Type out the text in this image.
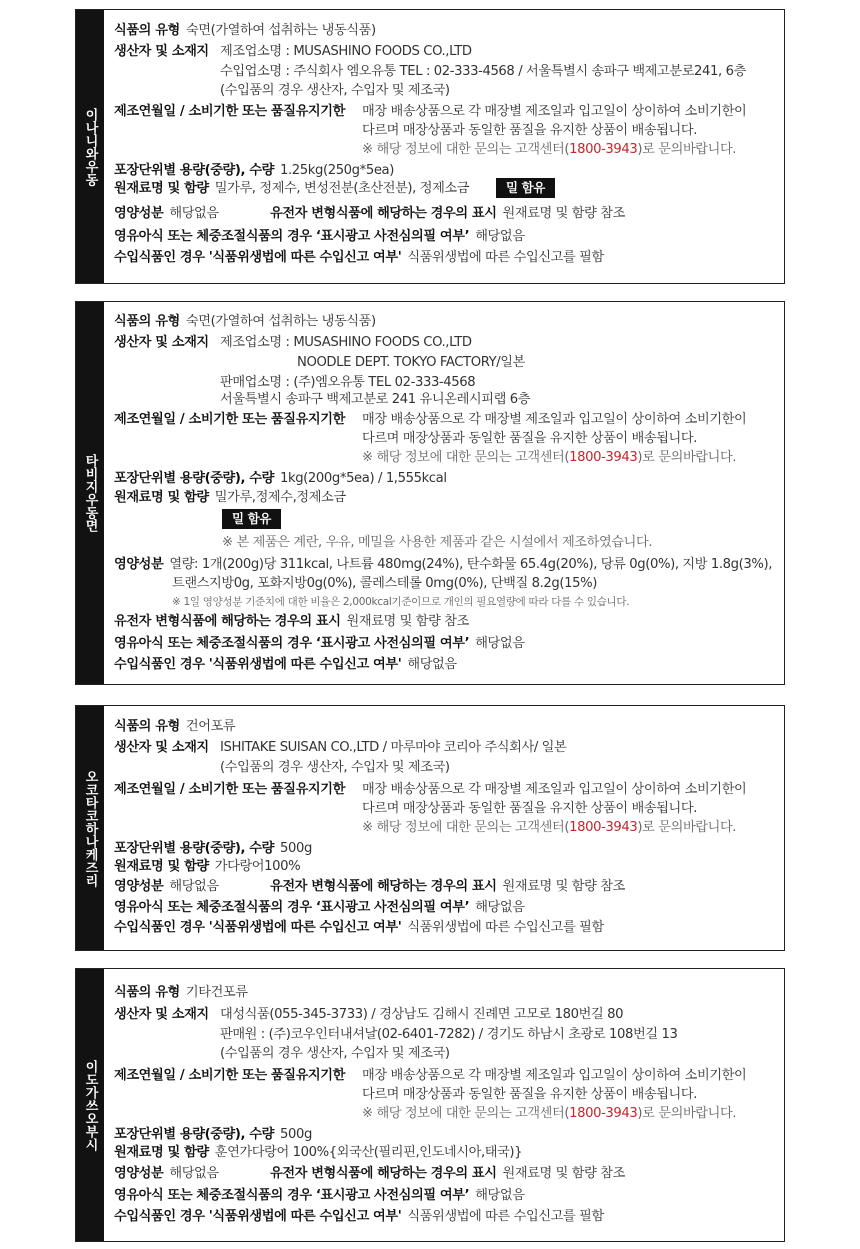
이나니와우동
식품의 유형 숙면(가열하여 섭취하는 냉동식품)
생산자 및 소재지 제조업소명 : MUSASHINO FOODS CO.,LTD
수입업소명 : 주식회사 엠오유통 TEL : 02-333-4568 / 서울특별시 송파구 백제고분로241, 6층
(수입품의 경우 생산자, 수입자 및 제조국)
제조연월일 / 소비기한 또는 품질유지기한	매장 배송상품으로 각 매장별 제조일과 입고일이 상이하여 소비기한이
다르며 매장상품과 동일한 품질을 유지한 상품이 배송됩니다.
※ 해당 정보에 대한 문의는 고객센터(1800-3943)로 문의바랍니다.
포장단위별 용량(중량), 수량 1.25kg(250g*5ea)
원재료명 및 함량 밀가루, 정제수, 변성전분(초산전분), 정제소금	밀 함유
영양성분 해당없음	유전자 변형식품에 해당하는 경우의 표시 원재료명 및 함량 참조
영유아식 또는 체중조절식품의 경우 ‘표시광고 사전심의필 여부’ 해당없음
수입식품인 경우 '식품위생법에 따른 수입신고 여부' 식품위생법에 따른 수입신고를 필함
타비지우동면
식품의 유형 숙면(가열하여 섭취하는 냉동식품)
생산자 및 소재지 제조업소명 : MUSASHINO FOODS CO.,LTD
NOODLE DEPT. TOKYO FACTORY/일본
판매업소명 : (주)엠오유통 TEL 02-333-4568
서울특별시 송파구 백제고분로 241 유니온레시피랩 6층
제조연월일 / 소비기한 또는 품질유지기한	매장 배송상품으로 각 매장별 제조일과 입고일이 상이하여 소비기한이
다르며 매장상품과 동일한 품질을 유지한 상품이 배송됩니다.
※ 해당 정보에 대한 문의는 고객센터(1800-3943)로 문의바랍니다.
포장단위별 용량(중량), 수량 1kg(200g*5ea) / 1,555kcal
원재료명 및 함량 밀가루,정제수,정제소금
밀 함유
※ 본 제품은 계란, 우유, 메밀을 사용한 제품과 같은 시설에서 제조하였습니다.
영양성분 열량: 1개(200g)당 311kcal, 나트륨 480mg(24%), 탄수화물 65.4g(20%), 당류 0g(0%), 지방 1.8g(3%),
트랜스지방0g, 포화지방0g(0%), 콜레스테롤 0mg(0%), 단백질 8.2g(15%)
※ 1일 영양성분 기준치에 대한 비율은 2,000kcal기준이므로 개인의 필요열량에 따라 다를 수 있습니다.
유전자 변형식품에 해당하는 경우의 표시 원재료명 및 함량 참조
영유아식 또는 체중조절식품의 경우 ‘표시광고 사전심의필 여부’ 해당없음
수입식품인 경우 '식품위생법에 따른 수입신고 여부' 해당없음
오코타코하나케즈리
식품의 유형 건어포류
생산자 및 소재지 ISHITAKE SUISAN CO.,LTD / 마루마야 코리아 주식회사/ 일본
(수입품의 경우 생산자, 수입자 및 제조국)
제조연월일 / 소비기한 또는 품질유지기한	매장 배송상품으로 각 매장별 제조일과 입고일이 상이하여 소비기한이
다르며 매장상품과 동일한 품질을 유지한 상품이 배송됩니다.
※ 해당 정보에 대한 문의는 고객센터(1800-3943)로 문의바랍니다.
포장단위별 용량(중량), 수량 500g
원재료명 및 함량 가다랑어100%
영양성분 해당없음	유전자 변형식품에 해당하는 경우의 표시 원재료명 및 함량 참조
영유아식 또는 체중조절식품의 경우 ‘표시광고 사전심의필 여부’ 해당없음
수입식품인 경우 '식품위생법에 따른 수입신고 여부' 식품위생법에 따른 수입신고를 필함
이도가쓰오부시
식품의 유형 기타건포류
생산자 및 소재지 대성식품(055-345-3733) / 경상남도 김해시 진례면 고모로 180번길 80
판매원 : (주)코우인터내셔날(02-6401-7282) / 경기도 하남시 초광로 108번길 13
(수입품의 경우 생산자, 수입자 및 제조국)
제조연월일 / 소비기한 또는 품질유지기한	매장 배송상품으로 각 매장별 제조일과 입고일이 상이하여 소비기한이
다르며 매장상품과 동일한 품질을 유지한 상품이 배송됩니다.
※ 해당 정보에 대한 문의는 고객센터(1800-3943)로 문의바랍니다.
포장단위별 용량(중량), 수량 500g
원재료명 및 함량 훈연가다랑어 100%{외국산(필리핀,인도네시아,태국)}
영양성분 해당없음	유전자 변형식품에 해당하는 경우의 표시 원재료명 및 함량 참조
영유아식 또는 체중조절식품의 경우 ‘표시광고 사전심의필 여부’ 해당없음
수입식품인 경우 '식품위생법에 따른 수입신고 여부' 식품위생법에 따른 수입신고를 필함
